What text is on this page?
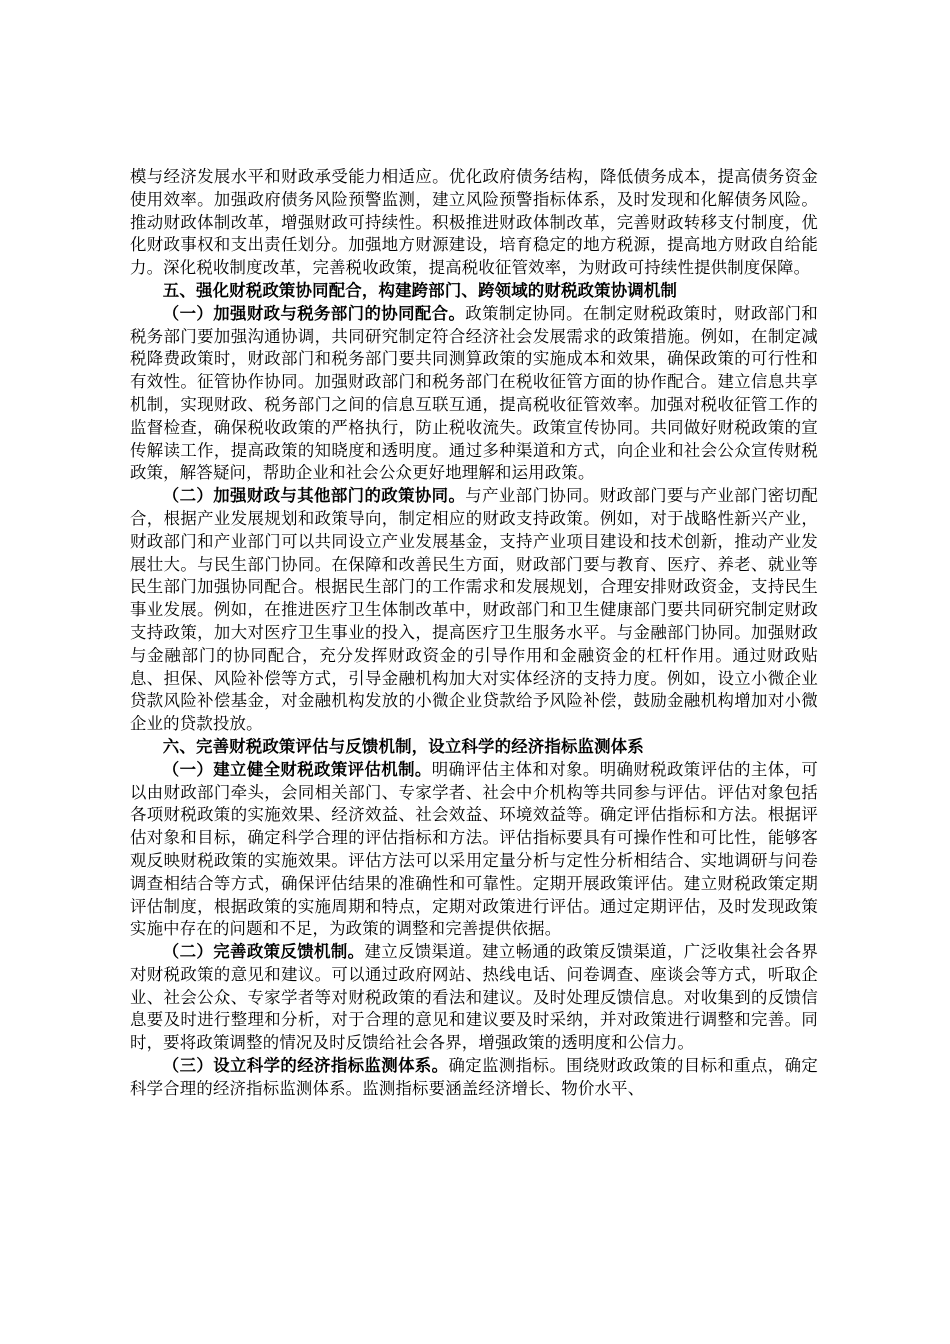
模与经济发展水平和财政承受能力相适应。优化政府债务结构，降低债务成本，提高债务资金使用效率。加强政府债务风险预警监测，建立风险预警指标体系，及时发现和化解债务风险。推动财政体制改革，增强财政可持续性。积极推进财政体制改革，完善财政转移支付制度，优化财政事权和支出责任划分。加强地方财源建设，培育稳定的地方税源，提高地方财政自给能力。深化税收制度改革，完善税收政策，提高税收征管效率，为财政可持续性提供制度保障。

五、强化财税政策协同配合，构建跨部门、跨领域的财税政策协调机制

（一）加强财政与税务部门的协同配合。政策制定协同。在制定财税政策时，财政部门和税务部门要加强沟通协调，共同研究制定符合经济社会发展需求的政策措施。例如，在制定减税降费政策时，财政部门和税务部门要共同测算政策的实施成本和效果，确保政策的可行性和有效性。征管协作协同。加强财政部门和税务部门在税收征管方面的协作配合。建立信息共享机制，实现财政、税务部门之间的信息互联互通，提高税收征管效率。加强对税收征管工作的监督检查，确保税收政策的严格执行，防止税收流失。政策宣传协同。共同做好财税政策的宣传解读工作，提高政策的知晓度和透明度。通过多种渠道和方式，向企业和社会公众宣传财税政策，解答疑问，帮助企业和社会公众更好地理解和运用政策。

（二）加强财政与其他部门的政策协同。与产业部门协同。财政部门要与产业部门密切配合，根据产业发展规划和政策导向，制定相应的财政支持政策。例如，对于战略性新兴产业，财政部门和产业部门可以共同设立产业发展基金，支持产业项目建设和技术创新，推动产业发展壮大。与民生部门协同。在保障和改善民生方面，财政部门要与教育、医疗、养老、就业等民生部门加强协同配合。根据民生部门的工作需求和发展规划，合理安排财政资金，支持民生事业发展。例如，在推进医疗卫生体制改革中，财政部门和卫生健康部门要共同研究制定财政支持政策，加大对医疗卫生事业的投入，提高医疗卫生服务水平。与金融部门协同。加强财政与金融部门的协同配合，充分发挥财政资金的引导作用和金融资金的杠杆作用。通过财政贴息、担保、风险补偿等方式，引导金融机构加大对实体经济的支持力度。例如，设立小微企业贷款风险补偿基金，对金融机构发放的小微企业贷款给予风险补偿，鼓励金融机构增加对小微企业的贷款投放。

六、完善财税政策评估与反馈机制，设立科学的经济指标监测体系

（一）建立健全财税政策评估机制。明确评估主体和对象。明确财税政策评估的主体，可以由财政部门牵头，会同相关部门、专家学者、社会中介机构等共同参与评估。评估对象包括各项财税政策的实施效果、经济效益、社会效益、环境效益等。确定评估指标和方法。根据评估对象和目标，确定科学合理的评估指标和方法。评估指标要具有可操作性和可比性，能够客观反映财税政策的实施效果。评估方法可以采用定量分析与定性分析相结合、实地调研与问卷调查相结合等方式，确保评估结果的准确性和可靠性。定期开展政策评估。建立财税政策定期评估制度，根据政策的实施周期和特点，定期对政策进行评估。通过定期评估，及时发现政策实施中存在的问题和不足，为政策的调整和完善提供依据。

（二）完善政策反馈机制。建立反馈渠道。建立畅通的政策反馈渠道，广泛收集社会各界对财税政策的意见和建议。可以通过政府网站、热线电话、问卷调查、座谈会等方式，听取企业、社会公众、专家学者等对财税政策的看法和建议。及时处理反馈信息。对收集到的反馈信息要及时进行整理和分析，对于合理的意见和建议要及时采纳，并对政策进行调整和完善。同时，要将政策调整的情况及时反馈给社会各界，增强政策的透明度和公信力。

（三）设立科学的经济指标监测体系。确定监测指标。围绕财政政策的目标和重点，确定科学合理的经济指标监测体系。监测指标要涵盖经济增长、物价水平、
